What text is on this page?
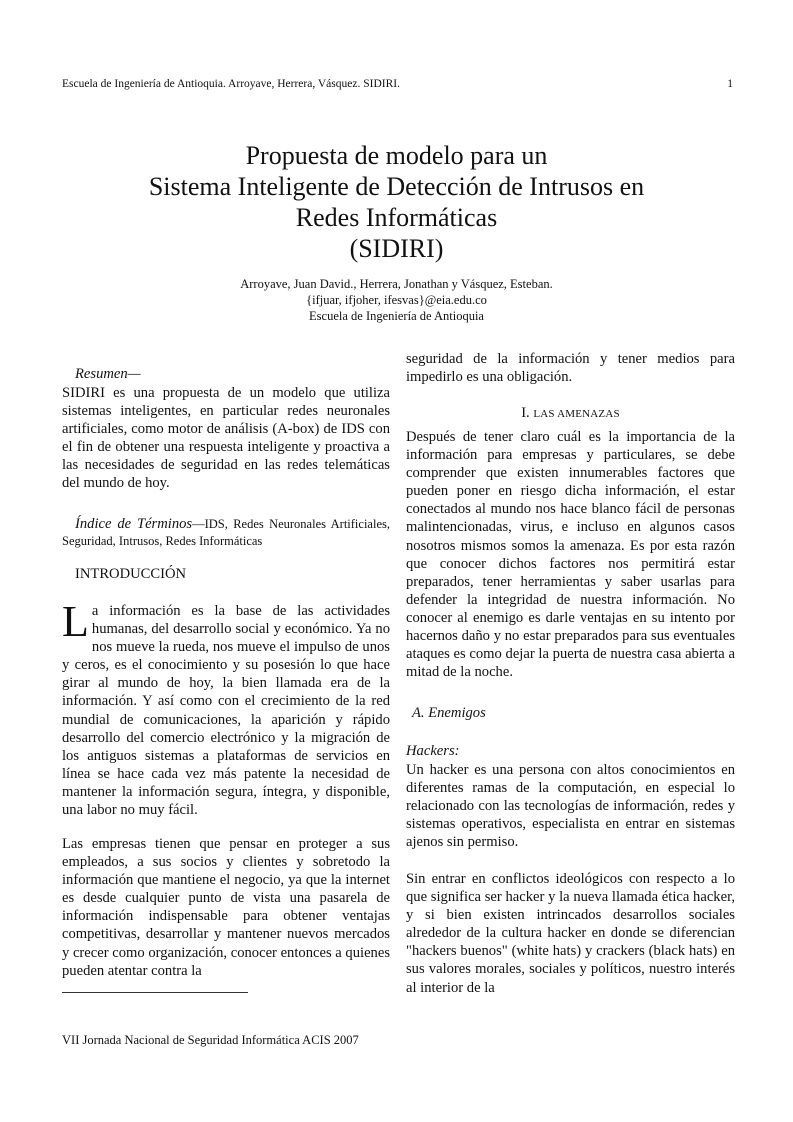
Escuela de Ingeniería de Antioquia. Arroyave, Herrera, Vásquez. SIDIRI.	1
Propuesta de modelo para un
Sistema Inteligente de Detección de Intrusos en
Redes Informáticas
(SIDIRI)
Arroyave, Juan David., Herrera, Jonathan y Vásquez, Esteban.
{ifjuar, ifjoher, ifesvas}@eia.edu.co
Escuela de Ingeniería de Antioquia
Resumen—
SIDIRI es una propuesta de un modelo que utiliza sistemas inteligentes, en particular redes neuronales artificiales, como motor de análisis (A-box) de IDS con el fin de obtener una respuesta inteligente y proactiva a las necesidades de seguridad en las redes telemáticas del mundo de hoy.
Índice de Términos—IDS, Redes Neuronales Artificiales, Seguridad, Intrusos, Redes Informáticas
INTRODUCCIÓN
La información es la base de las actividades humanas, del desarrollo social y económico. Ya no nos mueve la rueda, nos mueve el impulso de unos y ceros, es el conocimiento y su posesión lo que hace girar al mundo de hoy, la bien llamada era de la información. Y así como con el crecimiento de la red mundial de comunicaciones, la aparición y rápido desarrollo del comercio electrónico y la migración de los antiguos sistemas a plataformas de servicios en línea se hace cada vez más patente la necesidad de mantener la información segura, íntegra, y disponible, una labor no muy fácil.
Las empresas tienen que pensar en proteger a sus empleados, a sus socios y clientes y sobretodo la información que mantiene el negocio, ya que la internet es desde cualquier punto de vista una pasarela de información indispensable para obtener ventajas competitivas, desarrollar y mantener nuevos mercados y crecer como organización, conocer entonces a quienes pueden atentar contra la
VII Jornada Nacional de Seguridad Informática ACIS 2007
seguridad de la información y tener medios para impedirlo es una obligación.
I. LAS AMENAZAS
Después de tener claro cuál es la importancia de la información para empresas y particulares, se debe comprender que existen innumerables factores que pueden poner en riesgo dicha información, el estar conectados al mundo nos hace blanco fácil de personas malintencionadas, virus, e incluso en algunos casos nosotros mismos somos la amenaza. Es por esta razón que conocer dichos factores nos permitirá estar preparados, tener herramientas y saber usarlas para defender la integridad de nuestra información. No conocer al enemigo es darle ventajas en su intento por hacernos daño y no estar preparados para sus eventuales ataques es como dejar la puerta de nuestra casa abierta a mitad de la noche.
A. Enemigos
Hackers:
Un hacker es una persona con altos conocimientos en diferentes ramas de la computación, en especial lo relacionado con las tecnologías de información, redes y sistemas operativos, especialista en entrar en sistemas ajenos sin permiso.
Sin entrar en conflictos ideológicos con respecto a lo que significa ser hacker y la nueva llamada ética hacker, y si bien existen intrincados desarrollos sociales alrededor de la cultura hacker en donde se diferencian "hackers buenos" (white hats) y crackers (black hats) en sus valores morales, sociales y políticos, nuestro interés al interior de la
